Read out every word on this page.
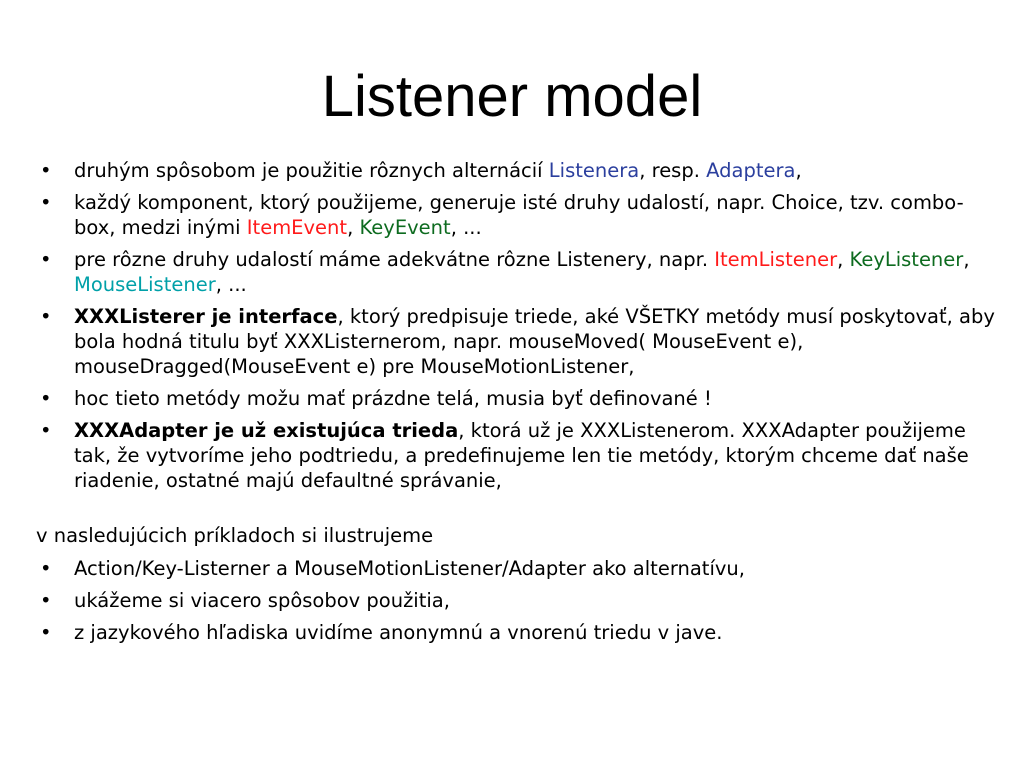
Listener model
• druhým spôsobom je použitie rôznych alternácií Listenera, resp. Adaptera,
• každý komponent, ktorý použijeme, generuje isté druhy udalostí, napr. Choice, tzv. combo-box, medzi inými ItemEvent, KeyEvent, ...
• pre rôzne druhy udalostí máme adekvátne rôzne Listenery, napr. ItemListener, KeyListener, MouseListener, ...
• XXXListerer je interface, ktorý predpisuje triede, aké VŠETKY metódy musí poskytovať, aby bola hodná titulu byť XXXListernerom, napr. mouseMoved( MouseEvent e), mouseDragged(MouseEvent e) pre MouseMotionListener,
• hoc tieto metódy možu mať prázdne telá, musia byť definované !
• XXXAdapter je už existujúca trieda, ktorá už je XXXListenerom. XXXAdapter použijeme tak, že vytvoríme jeho podtriedu, a predefinujeme len tie metódy, ktorým chceme dať naše riadenie, ostatné majú defaultné správanie,

v nasledujúcich príkladoch si ilustrujeme

• Action/Key-Listerner a MouseMotionListener/Adapter ako alternatívu,
• ukážeme si viacero spôsobov použitia,
• z jazykového hľadiska uvidíme anonymnú a vnorenú triedu v jave.
